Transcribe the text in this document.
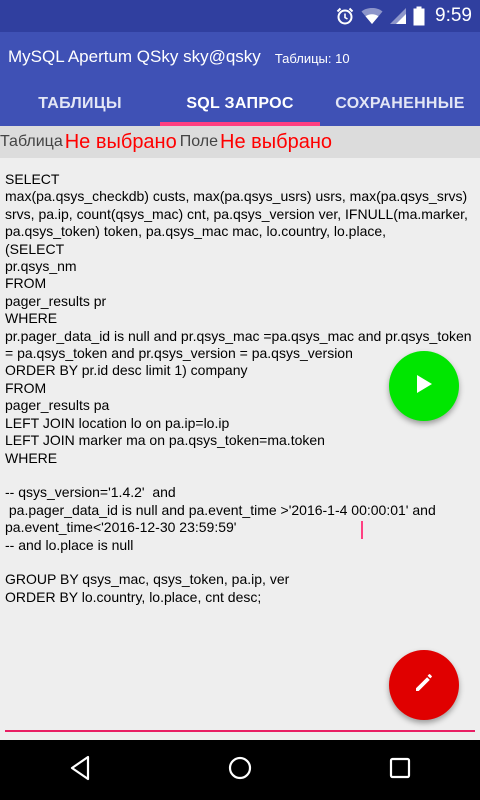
9:59
MySQL Apertum QSky sky@qsky Таблицы: 10
ТАБЛИЦЫ	SQL ЗАПРОС	СОХРАНЕННЫЕ
Таблица Не выбрано Поле Не выбрано
SELECT
max(pa.qsys_checkdb) custs, max(pa.qsys_usrs) usrs, max(pa.qsys_srvs) srvs, pa.ip, count(qsys_mac) cnt, pa.qsys_version ver, IFNULL(ma.marker, pa.qsys_token) token, pa.qsys_mac mac, lo.country, lo.place,
(SELECT
pr.qsys_nm
FROM
pager_results pr
WHERE
pr.pager_data_id is null and pr.qsys_mac =pa.qsys_mac and pr.qsys_token = pa.qsys_token and pr.qsys_version = pa.qsys_version
ORDER BY pr.id desc limit 1) company
FROM
pager_results pa
LEFT JOIN location lo on pa.ip=lo.ip
LEFT JOIN marker ma on pa.qsys_token=ma.token
WHERE

-- qsys_version='1.4.2'  and
pa.pager_data_id is null and pa.event_time >'2016-1-4 00:00:01' and pa.event_time<'2016-12-30 23:59:59'
-- and lo.place is null

GROUP BY qsys_mac, qsys_token, pa.ip, ver
ORDER BY lo.country, lo.place, cnt desc;
